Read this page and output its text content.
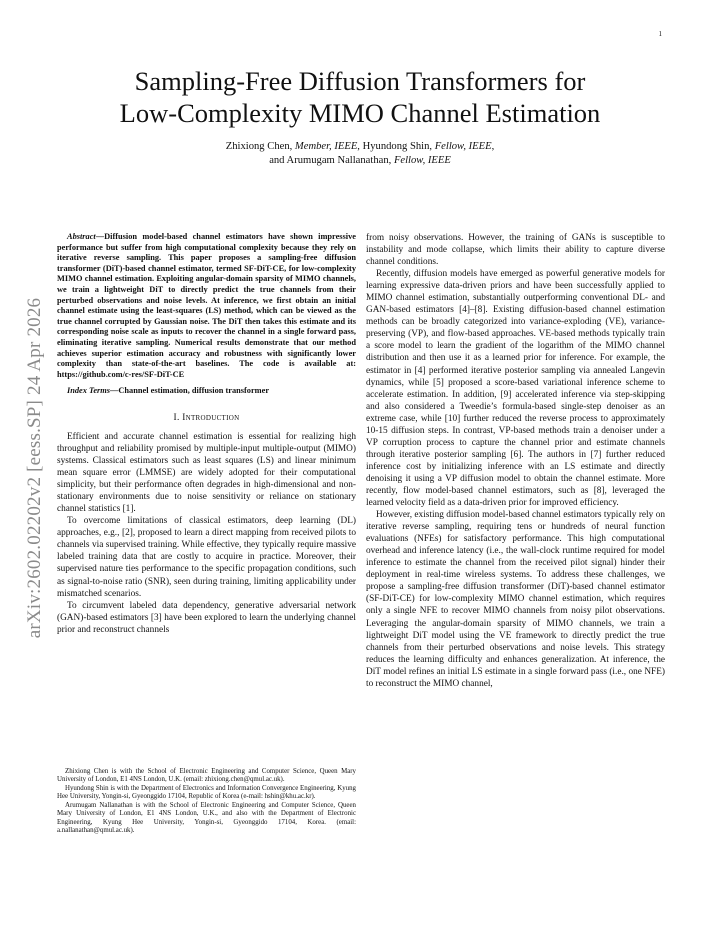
1
arXiv:2602.02202v2 [eess.SP] 24 Apr 2026
Sampling-Free Diffusion Transformers for
Low-Complexity MIMO Channel Estimation
Zhixiong Chen, Member, IEEE, Hyundong Shin, Fellow, IEEE,
and Arumugam Nallanathan, Fellow, IEEE

Abstract—Diffusion model-based channel estimators have shown impressive performance but suffer from high computational complexity because they rely on iterative reverse sampling. This paper proposes a sampling-free diffusion transformer (DiT)-based channel estimator, termed SF-DiT-CE, for low-complexity MIMO channel estimation. Exploiting angular-domain sparsity of MIMO channels, we train a lightweight DiT to directly predict the true channels from their perturbed observations and noise levels. At inference, we first obtain an initial channel estimate using the least-squares (LS) method, which can be viewed as the true channel corrupted by Gaussian noise. The DiT then takes this estimate and its corresponding noise scale as inputs to recover the channel in a single forward pass, eliminating iterative sampling. Numerical results demonstrate that our method achieves superior estimation accuracy and robustness with significantly lower complexity than state-of-the-art baselines. The code is available at: https://github.com/c-res/SF-DiT-CE

Index Terms—Channel estimation, diffusion transformer

I. Introduction

Efficient and accurate channel estimation is essential for realizing high throughput and reliability promised by multiple-input multiple-output (MIMO) systems. Classical estimators such as least squares (LS) and linear minimum mean square error (LMMSE) are widely adopted for their computational simplicity, but their performance often degrades in high-dimensional and non-stationary environments due to noise sensitivity or reliance on stationary channel statistics [1].

To overcome limitations of classical estimators, deep learning (DL) approaches, e.g., [2], proposed to learn a direct mapping from received pilots to channels via supervised training. While effective, they typically require massive labeled training data that are costly to acquire in practice. Moreover, their supervised nature ties performance to the specific propagation conditions, such as signal-to-noise ratio (SNR), seen during training, limiting applicability under mismatched scenarios.

To circumvent labeled data dependency, generative adversarial network (GAN)-based estimators [3] have been explored to learn the underlying channel prior and reconstruct channels

Zhixiong Chen is with the School of Electronic Engineering and Computer Science, Queen Mary University of London, E1 4NS London, U.K. (email: zhixiong.chen@qmul.ac.uk).

Hyundong Shin is with the Department of Electronics and Information Convergence Engineering, Kyung Hee University, Yongin-si, Gyeonggido 17104, Republic of Korea (e-mail: hshin@khu.ac.kr).

Arumugam Nallanathan is with the School of Electronic Engineering and Computer Science, Queen Mary University of London, E1 4NS London, U.K., and also with the Department of Electronic Engineering, Kyung Hee University, Yongin-si, Gyeonggido 17104, Korea. (email: a.nallanathan@qmul.ac.uk).

from noisy observations. However, the training of GANs is susceptible to instability and mode collapse, which limits their ability to capture diverse channel conditions.

Recently, diffusion models have emerged as powerful generative models for learning expressive data-driven priors and have been successfully applied to MIMO channel estimation, substantially outperforming conventional DL- and GAN-based estimators [4]–[8]. Existing diffusion-based channel estimation methods can be broadly categorized into variance-exploding (VE), variance-preserving (VP), and flow-based approaches. VE-based methods typically train a score model to learn the gradient of the logarithm of the MIMO channel distribution and then use it as a learned prior for inference. For example, the estimator in [4] performed iterative posterior sampling via annealed Langevin dynamics, while [5] proposed a score-based variational inference scheme to accelerate estimation. In addition, [9] accelerated inference via step-skipping and also considered a Tweedie’s formula-based single-step denoiser as an extreme case, while [10] further reduced the reverse process to approximately 10-15 diffusion steps. In contrast, VP-based methods train a denoiser under a VP corruption process to capture the channel prior and estimate channels through iterative posterior sampling [6]. The authors in [7] further reduced inference cost by initializing inference with an LS estimate and directly denoising it using a VP diffusion model to obtain the channel estimate. More recently, flow model-based channel estimators, such as [8], leveraged the learned velocity field as a data-driven prior for improved efficiency.

However, existing diffusion model-based channel estimators typically rely on iterative reverse sampling, requiring tens or hundreds of neural function evaluations (NFEs) for satisfactory performance. This high computational overhead and inference latency (i.e., the wall-clock runtime required for model inference to estimate the channel from the received pilot signal) hinder their deployment in real-time wireless systems. To address these challenges, we propose a sampling-free diffusion transformer (DiT)-based channel estimator (SF-DiT-CE) for low-complexity MIMO channel estimation, which requires only a single NFE to recover MIMO channels from noisy pilot observations. Leveraging the angular-domain sparsity of MIMO channels, we train a lightweight DiT model using the VE framework to directly predict the true channels from their perturbed observations and noise levels. This strategy reduces the learning difficulty and enhances generalization. At inference, the DiT model refines an initial LS estimate in a single forward pass (i.e., one NFE) to reconstruct the MIMO channel,
